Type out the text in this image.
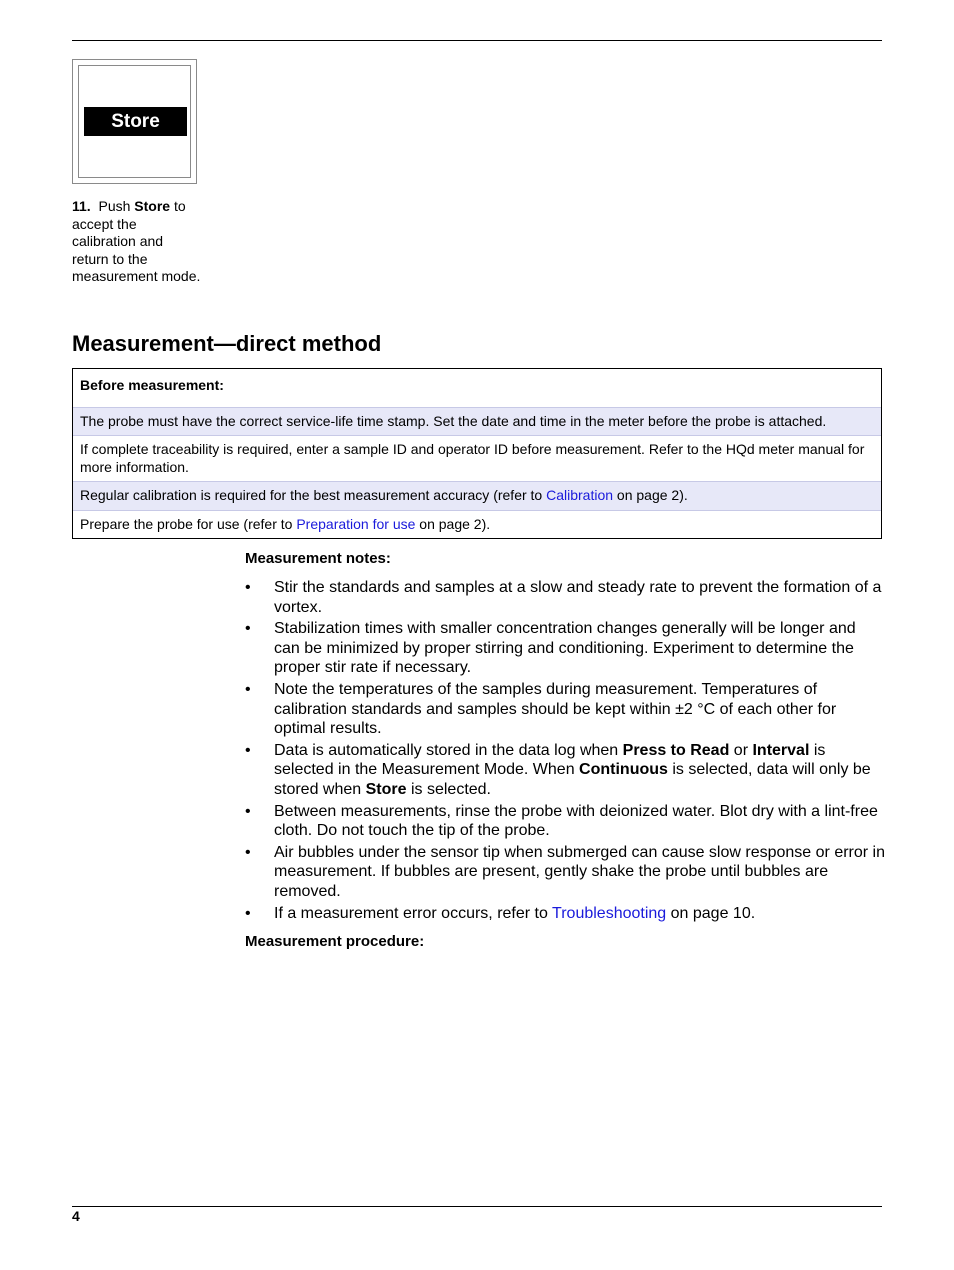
Store
11. Push Store to accept the calibration and return to the measurement mode.
Measurement—direct method
Before measurement:
The probe must have the correct service-life time stamp. Set the date and time in the meter before the probe is attached.
If complete traceability is required, enter a sample ID and operator ID before measurement. Refer to the HQd meter manual for more information.
Regular calibration is required for the best measurement accuracy (refer to Calibration on page 2).
Prepare the probe for use (refer to Preparation for use on page 2).
Measurement notes:
• Stir the standards and samples at a slow and steady rate to prevent the formation of a vortex.
• Stabilization times with smaller concentration changes generally will be longer and can be minimized by proper stirring and conditioning. Experiment to determine the proper stir rate if necessary.
• Note the temperatures of the samples during measurement. Temperatures of calibration standards and samples should be kept within ±2 °C of each other for optimal results.
• Data is automatically stored in the data log when Press to Read or Interval is selected in the Measurement Mode. When Continuous is selected, data will only be stored when Store is selected.
• Between measurements, rinse the probe with deionized water. Blot dry with a lint-free cloth. Do not touch the tip of the probe.
• Air bubbles under the sensor tip when submerged can cause slow response or error in measurement. If bubbles are present, gently shake the probe until bubbles are removed.
• If a measurement error occurs, refer to Troubleshooting on page 10.
Measurement procedure:
4
